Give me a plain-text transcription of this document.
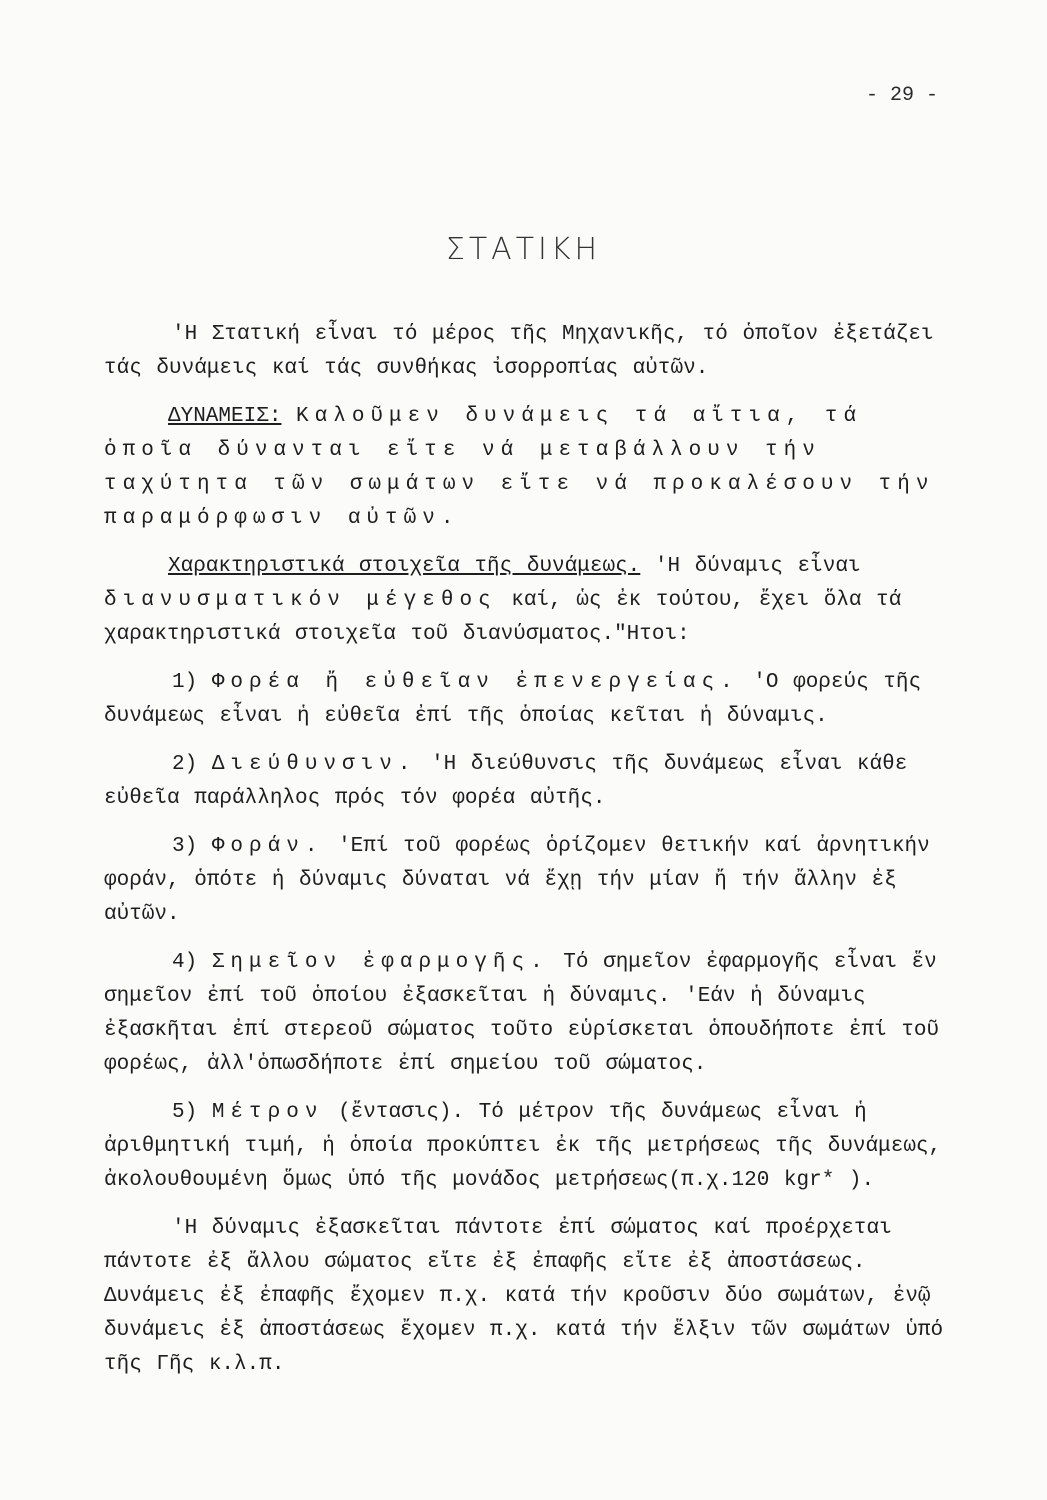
- 29 -
ΣΤΑΤΙΚΗ

'Η Στατική εἶναι τό μέρος τῆς Μηχανικῆς, τό ὁποῖον ἐξετάζει τάς δυνάμεις καί τάς συνθήκας ἰσορροπίας αὐτῶν.

ΔΥΝΑΜΕΙΣ: Καλοῦμεν δυνάμεις τά αἴτια, τά ὁποῖα δύνανται εἴτε νά μεταβάλλουν τήν ταχύτητα τῶν σωμάτων εἴτε νά προκαλέσουν τήν παραμόρφωσιν αὐτῶν.

Χαρακτηριστικά στοιχεῖα τῆς δυνάμεως. 'Η δύναμις εἶναι διανυσματικόν μέγεθος καί, ὡς ἐκ τούτου, ἔχει ὅλα τά χαρακτηριστικά στοιχεῖα τοῦ διανύσματος."Ητοι:

1) Φορέα ἤ εὐθεῖαν ἐπενεργείας. 'Ο φορεύς τῆς δυνάμεως εἶναι ἡ εὐθεῖα ἐπί τῆς ὁποίας κεῖται ἡ δύναμις.

2) Διεύθυνσιν. 'Η διεύθυνσις τῆς δυνάμεως εἶναι κάθε εὐθεῖα παράλληλος πρός τόν φορέα αὐτῆς.

3) Φοράν. 'Επί τοῦ φορέως ὁρίζομεν θετικήν καί ἀρνητικήν φοράν, ὁπότε ἡ δύναμις δύναται νά ἔχῃ τήν μίαν ἤ τήν ἄλλην ἐξ αὐτῶν.

4) Σημεῖον ἐφαρμογῆς. Τό σημεῖον ἐφαρμογῆς εἶναι ἕν σημεῖον ἐπί τοῦ ὁποίου ἐξασκεῖται ἡ δύναμις. 'Εάν ἡ δύναμις ἐξασκῆται ἐπί στερεοῦ σώματος τοῦτο εὑρίσκεται ὁπουδήποτε ἐπί τοῦ φορέως, ἀλλ'ὁπωσδήποτε ἐπί σημείου τοῦ σώματος.

5) Μέτρον (ἔντασις). Τό μέτρον τῆς δυνάμεως εἶναι ἡ ἀριθμητική τιμή, ἡ ὁποία προκύπτει ἐκ τῆς μετρήσεως τῆς δυνάμεως, ἀκολουθουμένη ὅμως ὑπό τῆς μονάδος μετρήσεως(π.χ.120 kgr* ).

'Η δύναμις ἐξασκεῖται πάντοτε ἐπί σώματος καί προέρχεται πάντοτε ἐξ ἄλλου σώματος εἴτε ἐξ ἐπαφῆς εἴτε ἐξ ἀποστάσεως. Δυνάμεις ἐξ ἐπαφῆς ἔχομεν π.χ. κατά τήν κροῦσιν δύο σωμάτων, ἐνῷ δυνάμεις ἐξ ἀποστάσεως ἔχομεν π.χ. κατά τήν ἕλξιν τῶν σωμάτων ὑπό τῆς Γῆς κ.λ.π.
